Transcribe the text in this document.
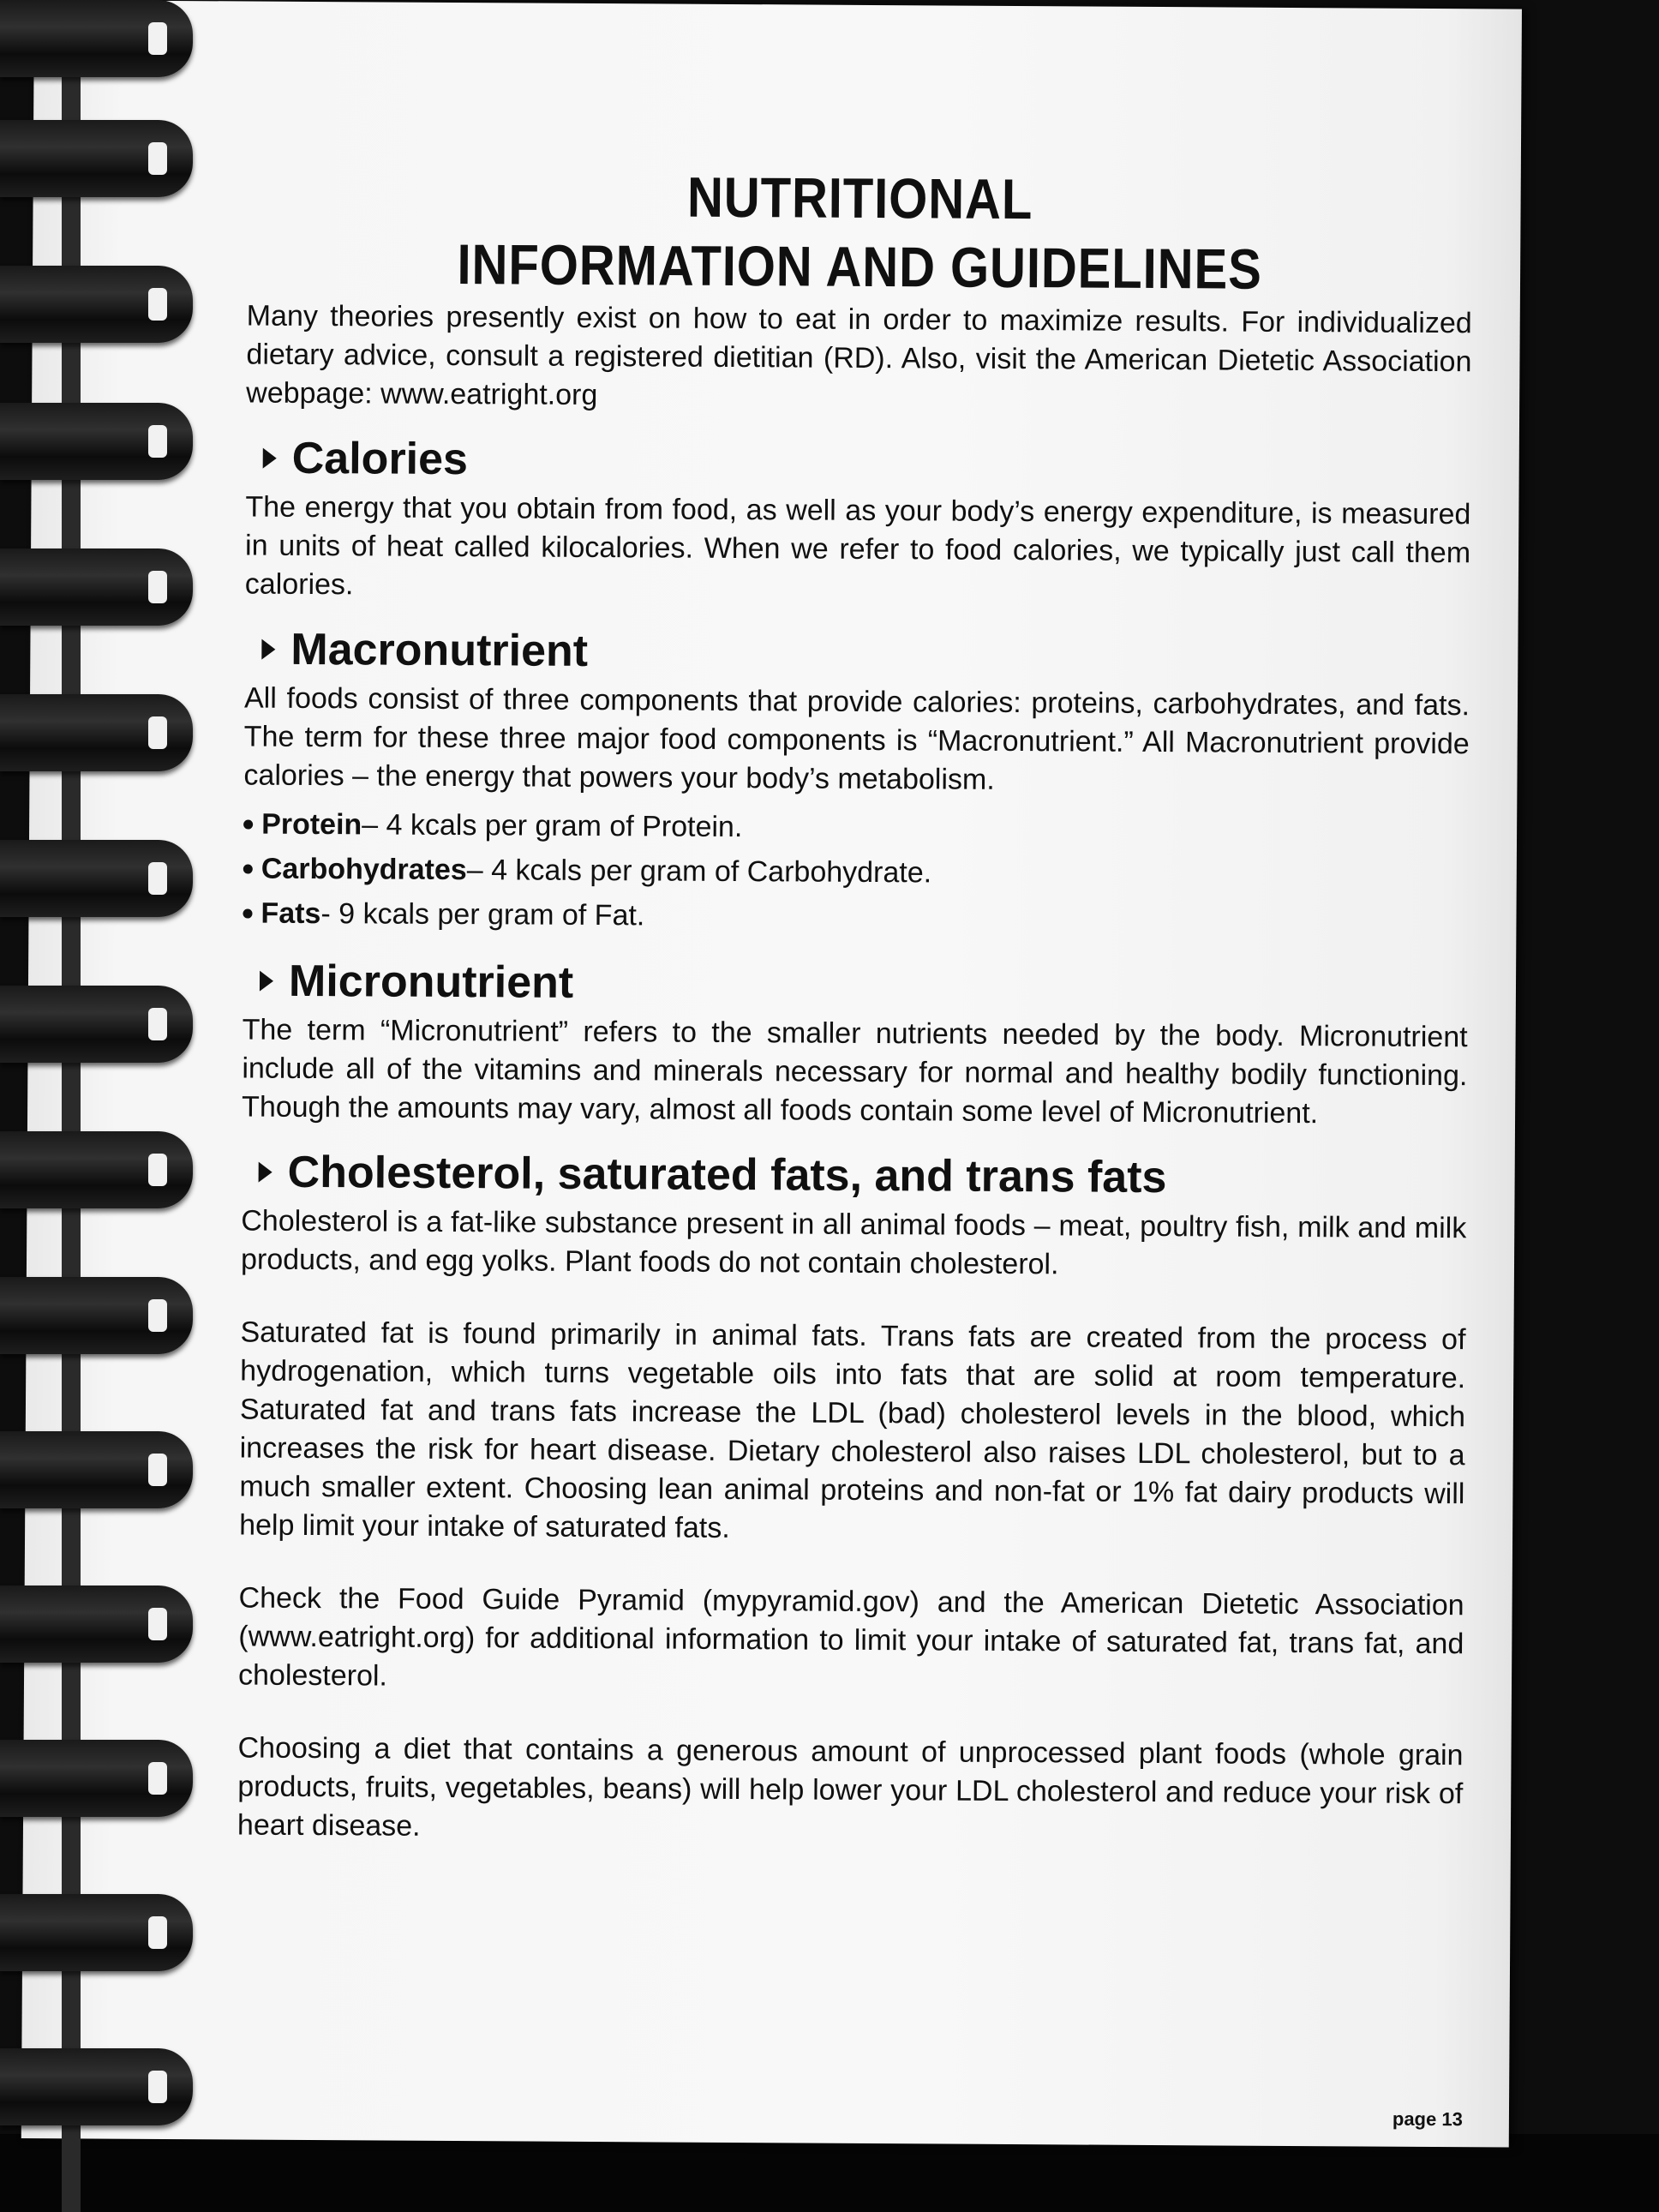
NUTRITIONAL
INFORMATION AND GUIDELINES

Many theories presently exist on how to eat in order to maximize results. For individualized dietary advice, consult a registered dietitian (RD). Also, visit the American Dietetic Association webpage: www.eatright.org

Calories

The energy that you obtain from food, as well as your body’s energy expenditure, is measured in units of heat called kilocalories. When we refer to food calories, we typically just call them calories.

Macronutrient

All foods consist of three components that provide calories: proteins, carbohydrates, and fats. The term for these three major food components is “Macronutrient.” All Macronutrient provide calories – the energy that powers your body’s metabolism.

Protein – 4 kcals per gram of Protein.
Carbohydrates – 4 kcals per gram of Carbohydrate.
Fats - 9 kcals per gram of Fat.
Micronutrient

The term “Micronutrient” refers to the smaller nutrients needed by the body. Micronutrient include all of the vitamins and minerals necessary for normal and healthy bodily functioning. Though the amounts may vary, almost all foods contain some level of Micronutrient.

Cholesterol, saturated fats, and trans fats

Cholesterol is a fat-like substance present in all animal foods – meat, poultry fish, milk and milk products, and egg yolks. Plant foods do not contain cholesterol.

Saturated fat is found primarily in animal fats. Trans fats are created from the process of hydrogenation, which turns vegetable oils into fats that are solid at room temperature. Saturated fat and trans fats increase the LDL (bad) cholesterol levels in the blood, which increases the risk for heart disease. Dietary cholesterol also raises LDL cholesterol, but to a much smaller extent. Choosing lean animal proteins and non-fat or 1% fat dairy products will help limit your intake of saturated fats.

Check the Food Guide Pyramid (mypyramid.gov) and the American Dietetic Association (www.eatright.org) for additional information to limit your intake of saturated fat, trans fat, and cholesterol.

Choosing a diet that contains a generous amount of unprocessed plant foods (whole grain products, fruits, vegetables, beans) will help lower your LDL cholesterol and reduce your risk of heart disease.

page 13
